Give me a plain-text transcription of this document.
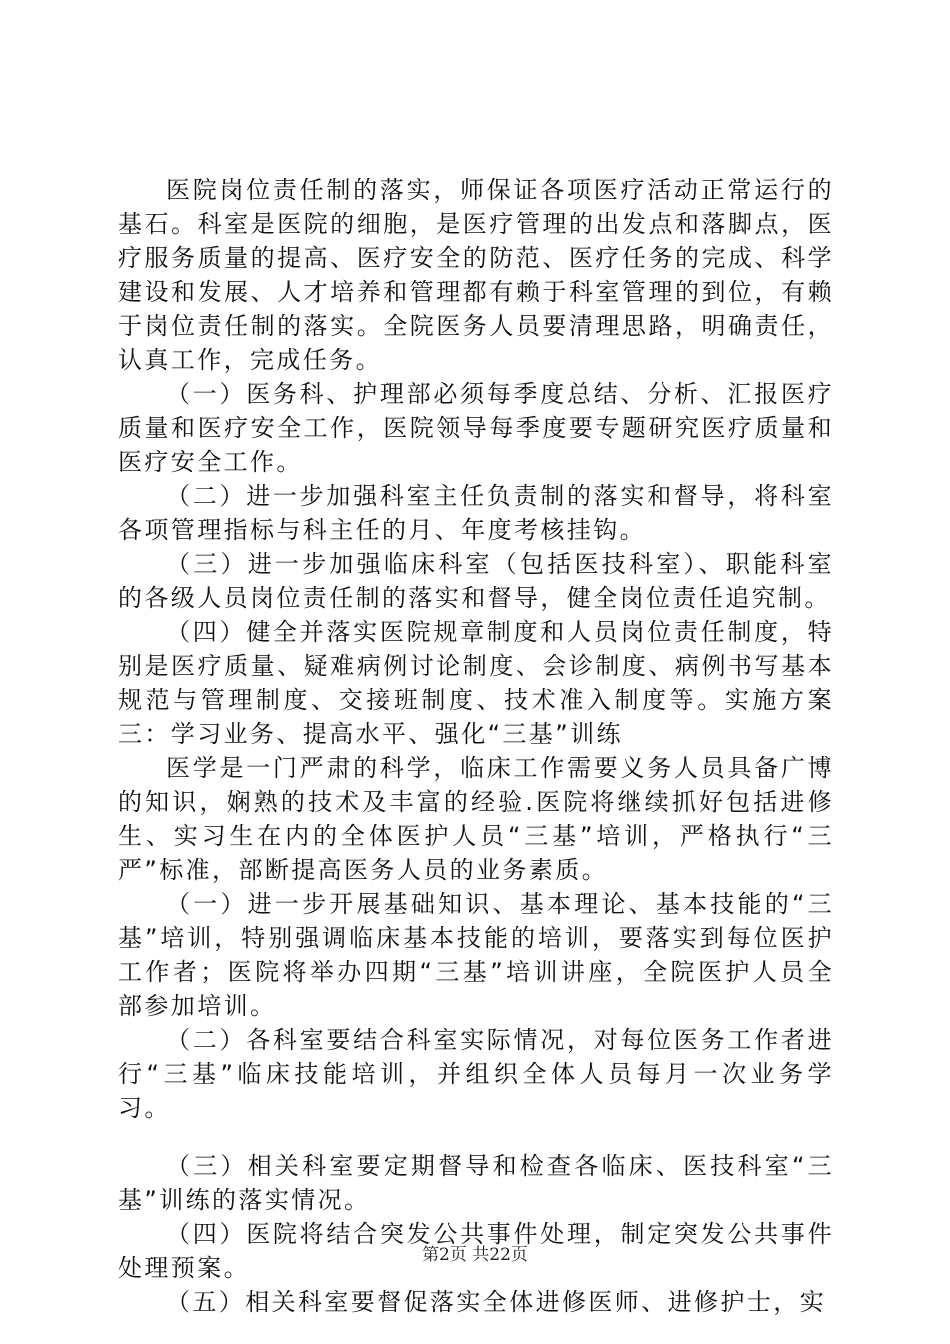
医院岗位责任制的落实，师保证各项医疗活动正常运行的基石。科室是医院的细胞，是医疗管理的出发点和落脚点，医疗服务质量的提高、医疗安全的防范、医疗任务的完成、科学建设和发展、人才培养和管理都有赖于科室管理的到位，有赖于岗位责任制的落实。全院医务人员要清理思路，明确责任，认真工作，完成任务。

（一）医务科、护理部必须每季度总结、分析、汇报医疗质量和医疗安全工作，医院领导每季度要专题研究医疗质量和医疗安全工作。

（二）进一步加强科室主任负责制的落实和督导，将科室各项管理指标与科主任的月、年度考核挂钩。

（三）进一步加强临床科室（包括医技科室）、职能科室的各级人员岗位责任制的落实和督导，健全岗位责任追究制。

（四）健全并落实医院规章制度和人员岗位责任制度，特别是医疗质量、疑难病例讨论制度、会诊制度、病例书写基本规范与管理制度、交接班制度、技术准入制度等。实施方案三：学习业务、提高水平、强化“三基”训练

医学是一门严肃的科学，临床工作需要义务人员具备广博的知识，娴熟的技术及丰富的经验.医院将继续抓好包括进修生、实习生在内的全体医护人员“三基”培训，严格执行“三严”标准，部断提高医务人员的业务素质。

（一）进一步开展基础知识、基本理论、基本技能的“三基”培训，特别强调临床基本技能的培训，要落实到每位医护工作者；医院将举办四期“三基”培训讲座，全院医护人员全部参加培训。

（二）各科室要结合科室实际情况，对每位医务工作者进行“三基”临床技能培训，并组织全体人员每月一次业务学习。

（三）相关科室要定期督导和检查各临床、医技科室“三基”训练的落实情况。

（四）医院将结合突发公共事件处理，制定突发公共事件处理预案。

（五）相关科室要督促落实全体进修医师、进修护士，实

第2页 共22页
